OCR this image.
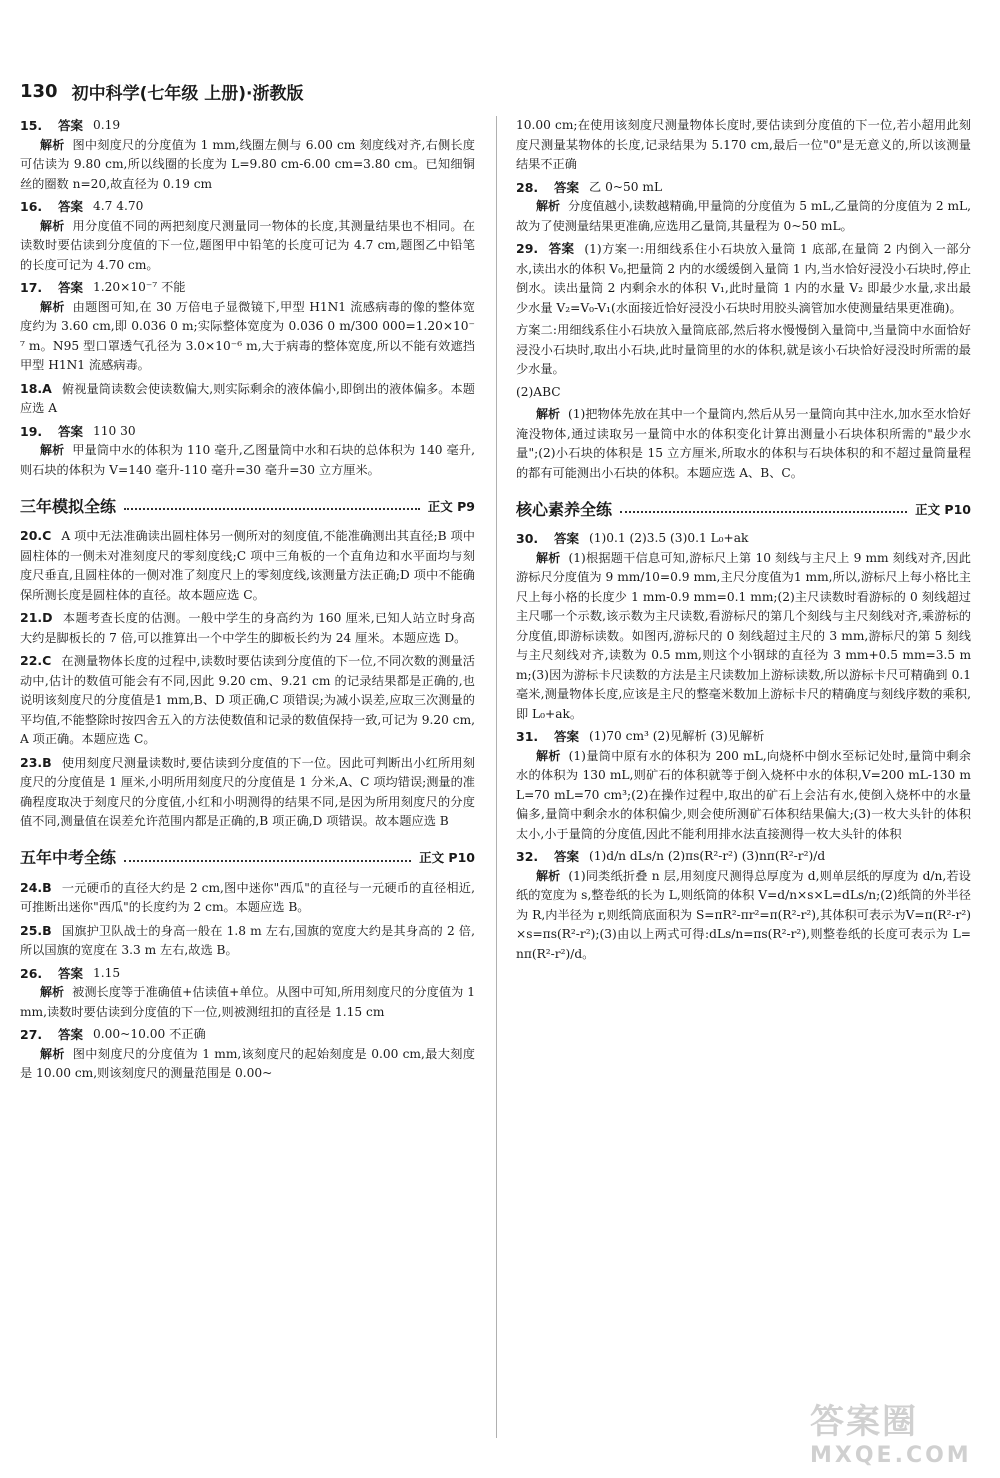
130 初中科学(七年级 上册)·浙教版
15.	答案 0.19
解析 图中刻度尺的分度值为 1 mm,线圈左侧与 6.00 cm 刻度线对齐,右侧长度可估读为 9.80 cm,所以线圈的长度为 L=9.80 cm-6.00 cm=3.80 cm。已知细铜丝的圈数 n=20,故直径为 0.19 cm
16.	答案 4.7 4.70
解析 用分度值不同的两把刻度尺测量同一物体的长度,其测量结果也不相同。在读数时要估读到分度值的下一位,题图甲中铅笔的长度可记为 4.7 cm,题图乙中铅笔的长度可记为 4.70 cm。
17.	答案 1.20×10⁻⁷ 不能
解析 由题图可知,在 30 万倍电子显微镜下,甲型 H1N1 流感病毒的像的整体宽度约为 3.60 cm,即 0.036 0 m;实际整体宽度为 0.036 0 m/300 000=1.20×10⁻⁷ m。N95 型口罩透气孔径为 3.0×10⁻⁶ m,大于病毒的整体宽度,所以不能有效遮挡甲型 H1N1 流感病毒。
18.A 俯视量筒读数会使读数偏大,则实际剩余的液体偏小,即倒出的液体偏多。本题应选 A
19.	答案 110 30
解析 甲量筒中水的体积为 110 毫升,乙图量筒中水和石块的总体积为 140 毫升,则石块的体积为 V=140 毫升-110 毫升=30 毫升=30 立方厘米。
三年模拟全练	正文 P9
20.C A 项中无法准确读出圆柱体另一侧所对的刻度值,不能准确测出其直径;B 项中圆柱体的一侧未对准刻度尺的零刻度线;C 项中三角板的一个直角边和水平面均与刻度尺垂直,且圆柱体的一侧对准了刻度尺上的零刻度线,该测量方法正确;D 项中不能确保所测长度是圆柱体的直径。故本题应选 C。
21.D 本题考查长度的估测。一般中学生的身高约为 160 厘米,已知人站立时身高大约是脚板长的 7 倍,可以推算出一个中学生的脚板长约为 24 厘米。本题应选 D。
22.C 在测量物体长度的过程中,读数时要估读到分度值的下一位,不同次数的测量活动中,估计的数值可能会有不同,因此 9.20 cm、9.21 cm 的记录结果都是正确的,也说明该刻度尺的分度值是1 mm,B、D 项正确,C 项错误;为减小误差,应取三次测量的平均值,不能整除时按四舍五入的方法使数值和记录的数值保持一致,可记为 9.20 cm,A 项正确。本题应选 C。
23.B 使用刻度尺测量读数时,要估读到分度值的下一位。因此可判断出小红所用刻度尺的分度值是 1 厘米,小明所用刻度尺的分度值是 1 分米,A、C 项均错误;测量的准确程度取决于刻度尺的分度值,小红和小明测得的结果不同,是因为所用刻度尺的分度值不同,测量值在误差允许范围内都是正确的,B 项正确,D 项错误。故本题应选 B
五年中考全练	正文 P10
24.B 一元硬币的直径大约是 2 cm,图中迷你"西瓜"的直径与一元硬币的直径相近,可推断出迷你"西瓜"的长度约为 2 cm。本题应选 B。
25.B 国旗护卫队战士的身高一般在 1.8 m 左右,国旗的宽度大约是其身高的 2 倍,所以国旗的宽度在 3.3 m 左右,故选 B。
26.	答案 1.15
解析 被测长度等于准确值+估读值+单位。从图中可知,所用刻度尺的分度值为 1 mm,读数时要估读到分度值的下一位,则被测纽扣的直径是 1.15 cm
27.	答案 0.00~10.00 不正确
解析 图中刻度尺的分度值为 1 mm,该刻度尺的起始刻度是 0.00 cm,最大刻度是 10.00 cm,则该刻度尺的测量范围是 0.00~
10.00 cm;在使用该刻度尺测量物体长度时,要估读到分度值的下一位,若小超用此刻度尺测量某物体的长度,记录结果为 5.170 cm,最后一位"0"是无意义的,所以该测量结果不正确
28.	答案 乙 0~50 mL
解析 分度值越小,读数越精确,甲量筒的分度值为 5 mL,乙量筒的分度值为 2 mL,故为了使测量结果更准确,应选用乙量筒,其量程为 0~50 mL。
29. 答案 (1)方案一:用细线系住小石块放入量筒 1 底部,在量筒 2 内倒入一部分水,读出水的体积 V₀,把量筒 2 内的水缓缓倒入量筒 1 内,当水恰好浸没小石块时,停止倒水。读出量筒 2 内剩余水的体积 V₁,此时量筒 1 内的水量 V₂ 即最少水量,求出最少水量 V₂=V₀-V₁(水面接近恰好浸没小石块时用胶头滴管加水使测量结果更准确)。
方案二:用细线系住小石块放入量筒底部,然后将水慢慢倒入量筒中,当量筒中水面恰好浸没小石块时,取出小石块,此时量筒里的水的体积,就是该小石块恰好浸没时所需的最少水量。
(2)ABC
解析 (1)把物体先放在其中一个量筒内,然后从另一量筒向其中注水,加水至水恰好淹没物体,通过读取另一量筒中水的体积变化计算出测量小石块体积所需的"最少水量";(2)小石块的体积是 15 立方厘米,所取水的体积与石块体积的和不超过量筒量程的都有可能测出小石块的体积。本题应选 A、B、C。
核心素养全练	正文 P10
30.	答案 (1)0.1 (2)3.5 (3)0.1 L₀+ak
解析 (1)根据题干信息可知,游标尺上第 10 刻线与主尺上 9 mm 刻线对齐,因此游标尺分度值为 9 mm/10=0.9 mm,主尺分度值为1 mm,所以,游标尺上每小格比主尺上每小格的长度少 1 mm-0.9 mm=0.1 mm;(2)主尺读数时看游标的 0 刻线超过主尺哪一个示数,该示数为主尺读数,看游标尺的第几个刻线与主尺刻线对齐,乘游标的分度值,即游标读数。如图丙,游标尺的 0 刻线超过主尺的 3 mm,游标尺的第 5 刻线与主尺刻线对齐,读数为 0.5 mm,则这个小钢球的直径为 3 mm+0.5 mm=3.5 mm;(3)因为游标卡尺读数的方法是主尺读数加上游标读数,所以游标卡尺可精确到 0.1 毫米,测量物体长度,应该是主尺的整毫米数加上游标卡尺的精确度与刻线序数的乘积,即 L₀+ak。
31.	答案 (1)70 cm³ (2)见解析 (3)见解析
解析 (1)量筒中原有水的体积为 200 mL,向烧杯中倒水至标记处时,量筒中剩余水的体积为 130 mL,则矿石的体积就等于倒入烧杯中水的体积,V=200 mL-130 mL=70 mL=70 cm³;(2)在操作过程中,取出的矿石上会沾有水,使倒入烧杯中的水量偏多,量筒中剩余水的体积偏少,则会使所测矿石体积结果偏大;(3)一枚大头针的体积太小,小于量筒的分度值,因此不能利用排水法直接测得一枚大头针的体积
32.	答案 (1)d/n dLs/n (2)πs(R²-r²) (3)nπ(R²-r²)/d
解析 (1)同类纸折叠 n 层,用刻度尺测得总厚度为 d,则单层纸的厚度为 d/n,若设纸的宽度为 s,整卷纸的长为 L,则纸筒的体积 V=d/n×s×L=dLs/n;(2)纸筒的外半径为 R,内半径为 r,则纸筒底面积为 S=πR²-πr²=π(R²-r²),其体积可表示为V=π(R²-r²)×s=πs(R²-r²);(3)由以上两式可得:dLs/n=πs(R²-r²),则整卷纸的长度可表示为 L=nπ(R²-r²)/d。
答案圈
MXQE.COM
